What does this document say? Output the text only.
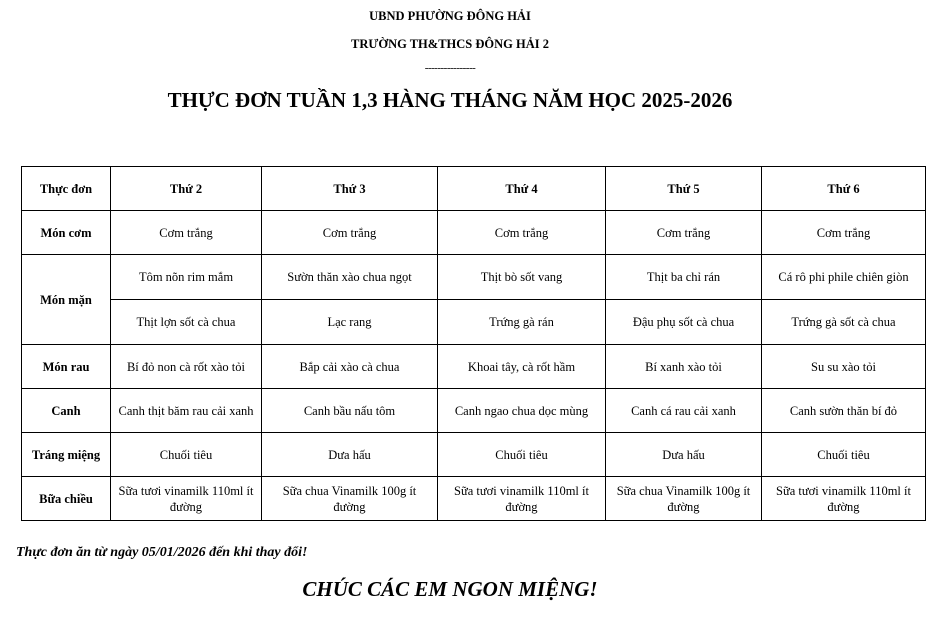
UBND PHƯỜNG ĐÔNG HẢI
TRƯỜNG TH&THCS ĐÔNG HẢI 2
----------------
THỰC ĐƠN TUẦN 1,3 HÀNG THÁNG NĂM HỌC 2025-2026
Thực đơn	Thứ 2	Thứ 3	Thứ 4	Thứ 5	Thứ 6
Món cơm	Cơm trắng	Cơm trắng	Cơm trắng	Cơm trắng	Cơm trắng
Món mặn	Tôm nõn rim mắm	Sườn thăn xào chua ngọt	Thịt bò sốt vang	Thịt ba chỉ rán	Cá rô phi phile chiên giòn
	Thịt lợn sốt cà chua	Lạc rang	Trứng gà rán	Đậu phụ sốt cà chua	Trứng gà sốt cà chua
Món rau	Bí đỏ non cà rốt xào tỏi	Bắp cải xào cà chua	Khoai tây, cà rốt hầm	Bí xanh xào tỏi	Su su xào tỏi
Canh	Canh thịt băm rau cải xanh	Canh bầu nấu tôm	Canh ngao chua dọc mùng	Canh cá rau cải xanh	Canh sườn thăn bí đỏ
Tráng miệng	Chuối tiêu	Dưa hấu	Chuối tiêu	Dưa hấu	Chuối tiêu
Bữa chiều	Sữa tươi vinamilk 110ml ít đường	Sữa chua Vinamilk 100g ít đường	Sữa tươi vinamilk 110ml ít đường	Sữa chua Vinamilk 100g ít đường	Sữa tươi vinamilk 110ml ít đường
Thực đơn ăn từ ngày 05/01/2026 đến khi thay đổi!
CHÚC CÁC EM NGON MIỆNG!
